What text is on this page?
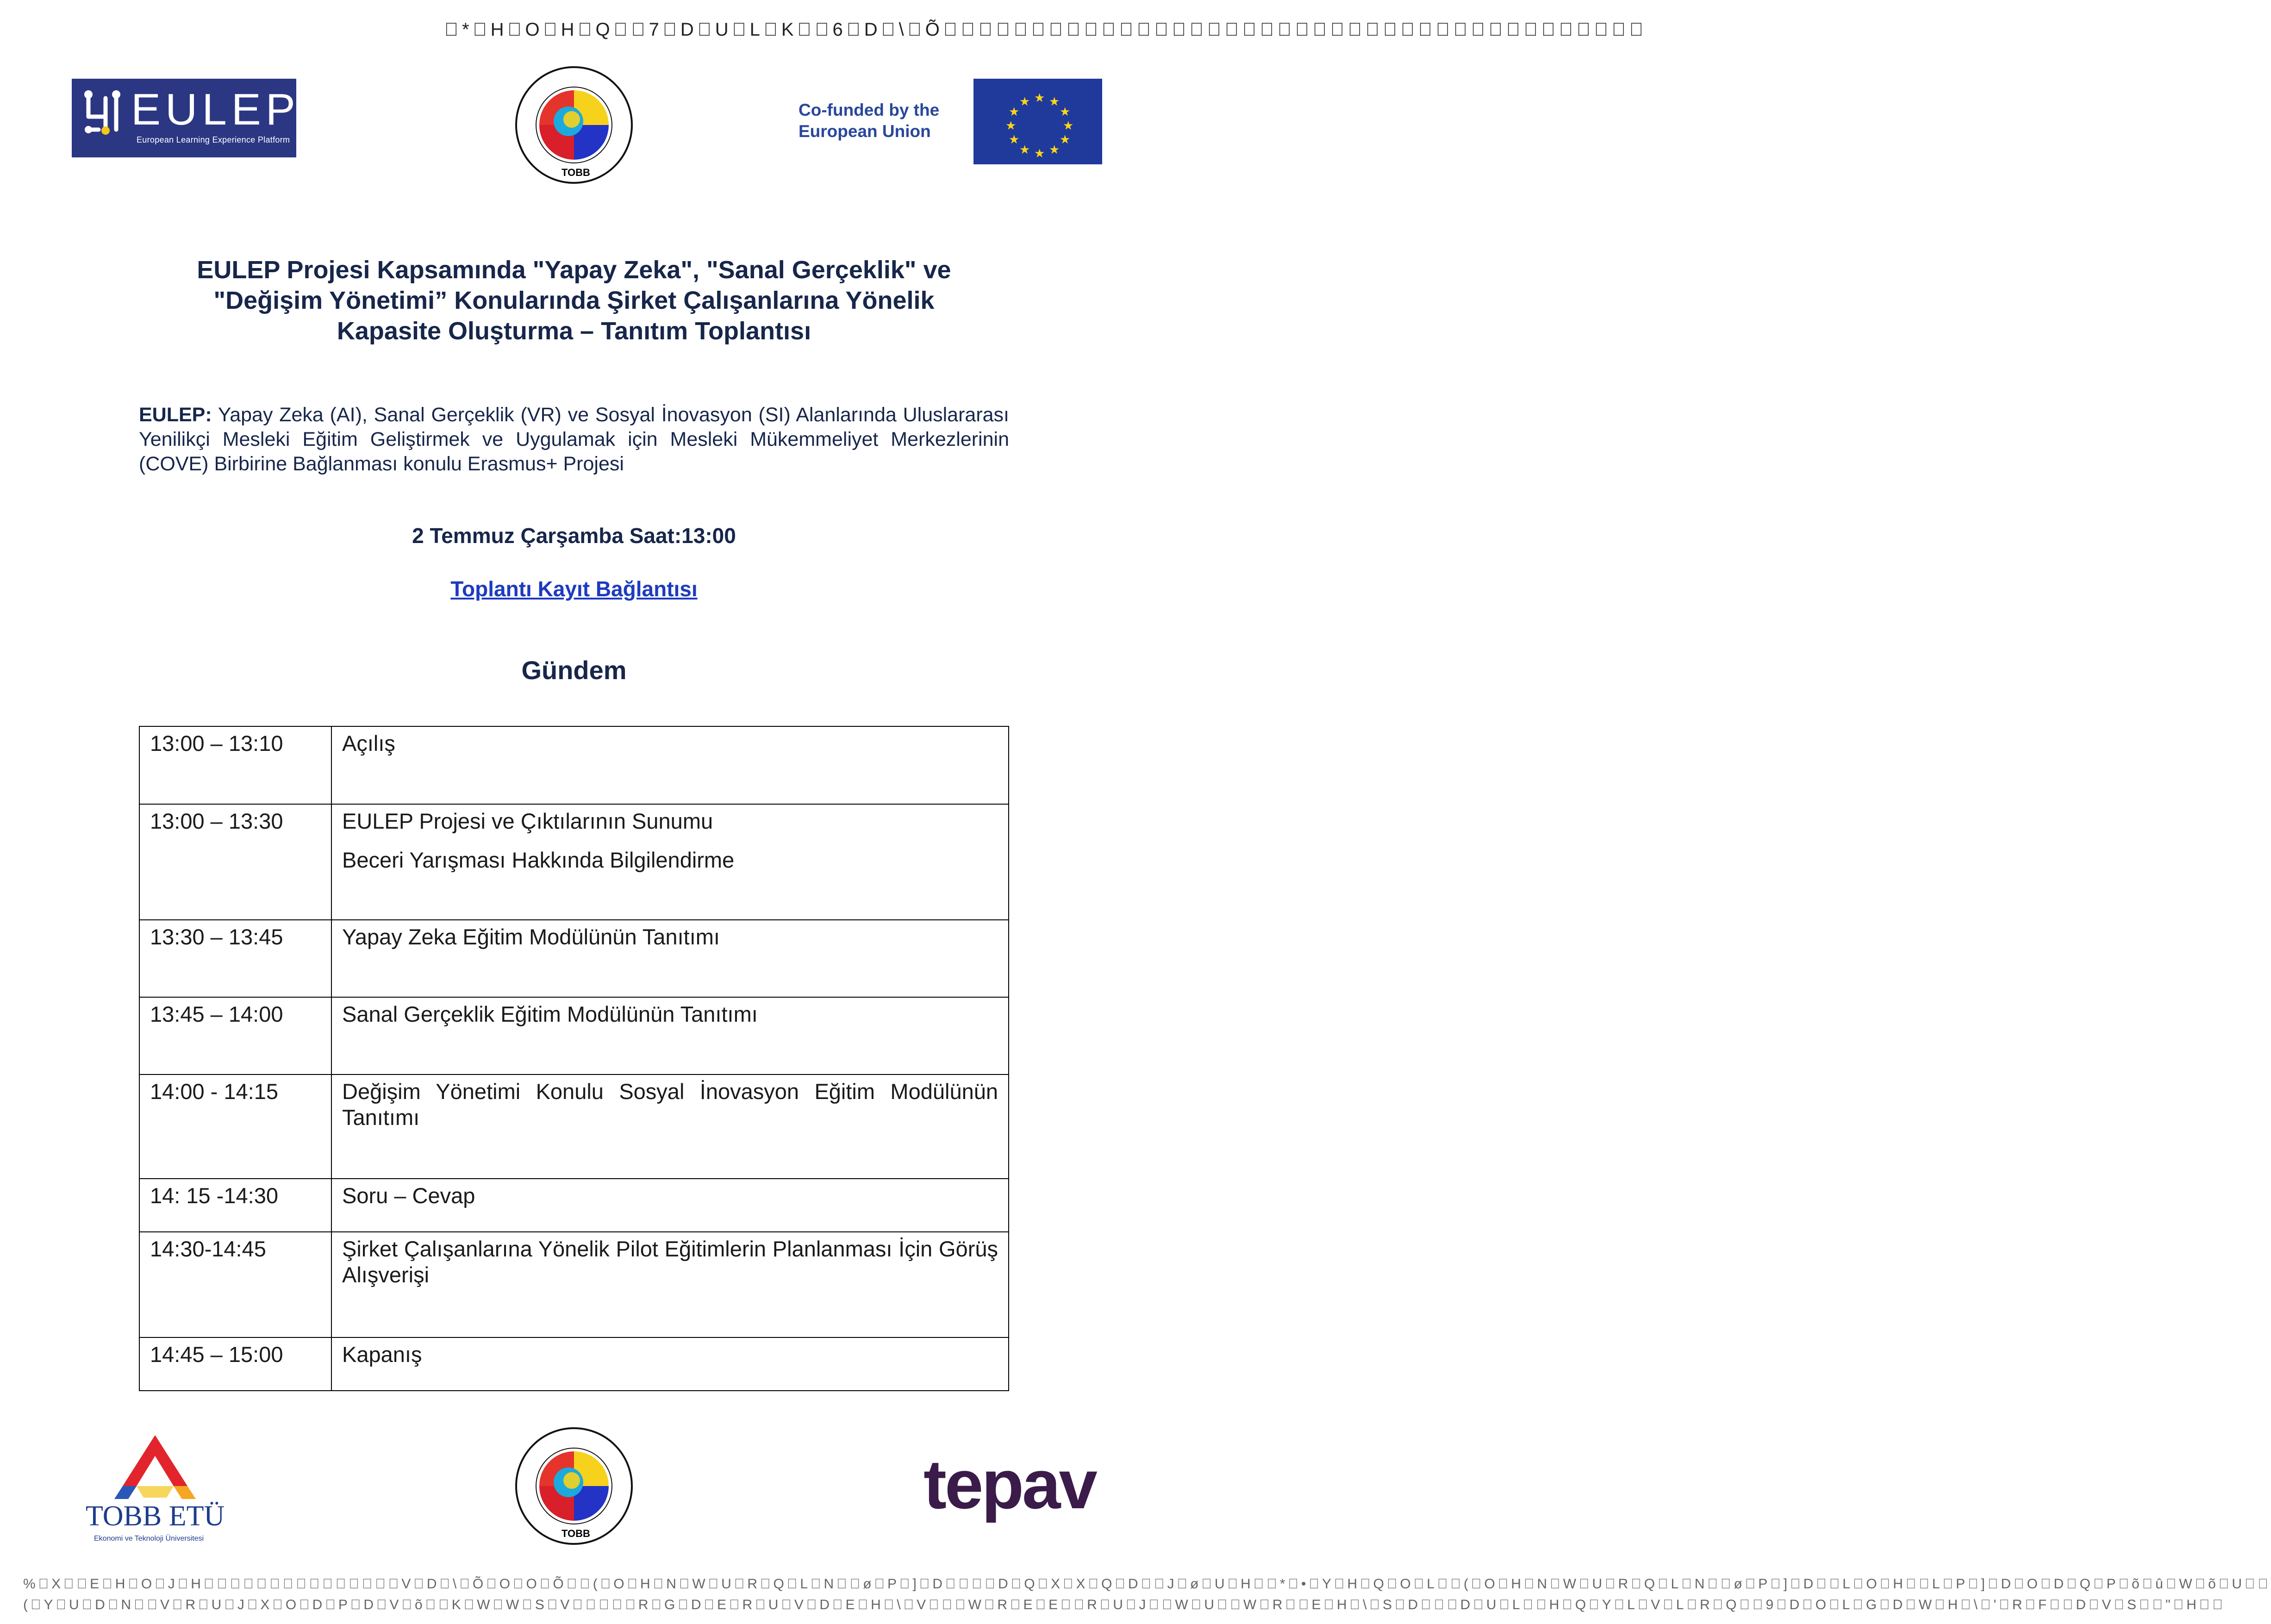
 * H O H Q  7 D U L K  6 D \ Õ                                        
EULEP
European Learning Experience Platform
TOBB
Co-funded by the
European Union
★ ★
★
★
★
★
★
★
★
★
★
★
EULEP Projesi Kapsamında "Yapay Zeka", "Sanal Gerçeklik" ve
"Değişim Yönetimi” Konularında Şirket Çalışanlarına Yönelik
Kapasite Oluşturma – Tanıtım Toplantısı
EULEP: Yapay Zeka (AI), Sanal Gerçeklik (VR) ve Sosyal İnovasyon (SI) Alanlarında Uluslararası Yenilikçi Mesleki Eğitim Geliştirmek ve Uygulamak için Mesleki Mükemmeliyet Merkezlerinin (COVE) Birbirine Bağlanması konulu Erasmus+ Projesi
2 Temmuz Çarşamba Saat:13:00
Toplantı Kayıt Bağlantısı
Gündem
13:00 – 13:10	Açılış
13:00 – 13:30	EULEP Projesi ve Çıktılarının Sunumu
Beceri Yarışması Hakkında Bilgilendirme

13:30 – 13:45	Yapay Zeka Eğitim Modülünün Tanıtımı
13:45 – 14:00	Sanal Gerçeklik Eğitim Modülünün Tanıtımı
14:00 - 14:15	Değişim Yönetimi Konulu Sosyal İnovasyon Eğitim Modülünün Tanıtımı
14: 15 -14:30	Soru – Cevap
14:30-14:45	Şirket Çalışanlarına Yönelik Pilot Eğitimlerin Planlanması İçin Görüş Alışverişi
14:45 – 15:00	Kapanış
TOBB ETÜ
Ekonomi ve Teknoloji Üniversitesi	TOBB
tepav
% X  E H O J H               V D \ Õ O O Õ  ( O H N W U R Q L N  ø P ] D    D Q X X Q D  J ø U H  * • Y H Q O L  ( O H N W U R Q L N  ø P ] D  L O H  L P ] D O D Q P õ û W õ U  
( Y U D N  V R U J X O D P D V õ  K W W S V     R G D E R U V D E H \ V   W R E E  R U J  W U  W R  E H \ S D   D U L  H Q Y L V L R Q  9 D O L G D W H \ ' R F  D V S  " H  
